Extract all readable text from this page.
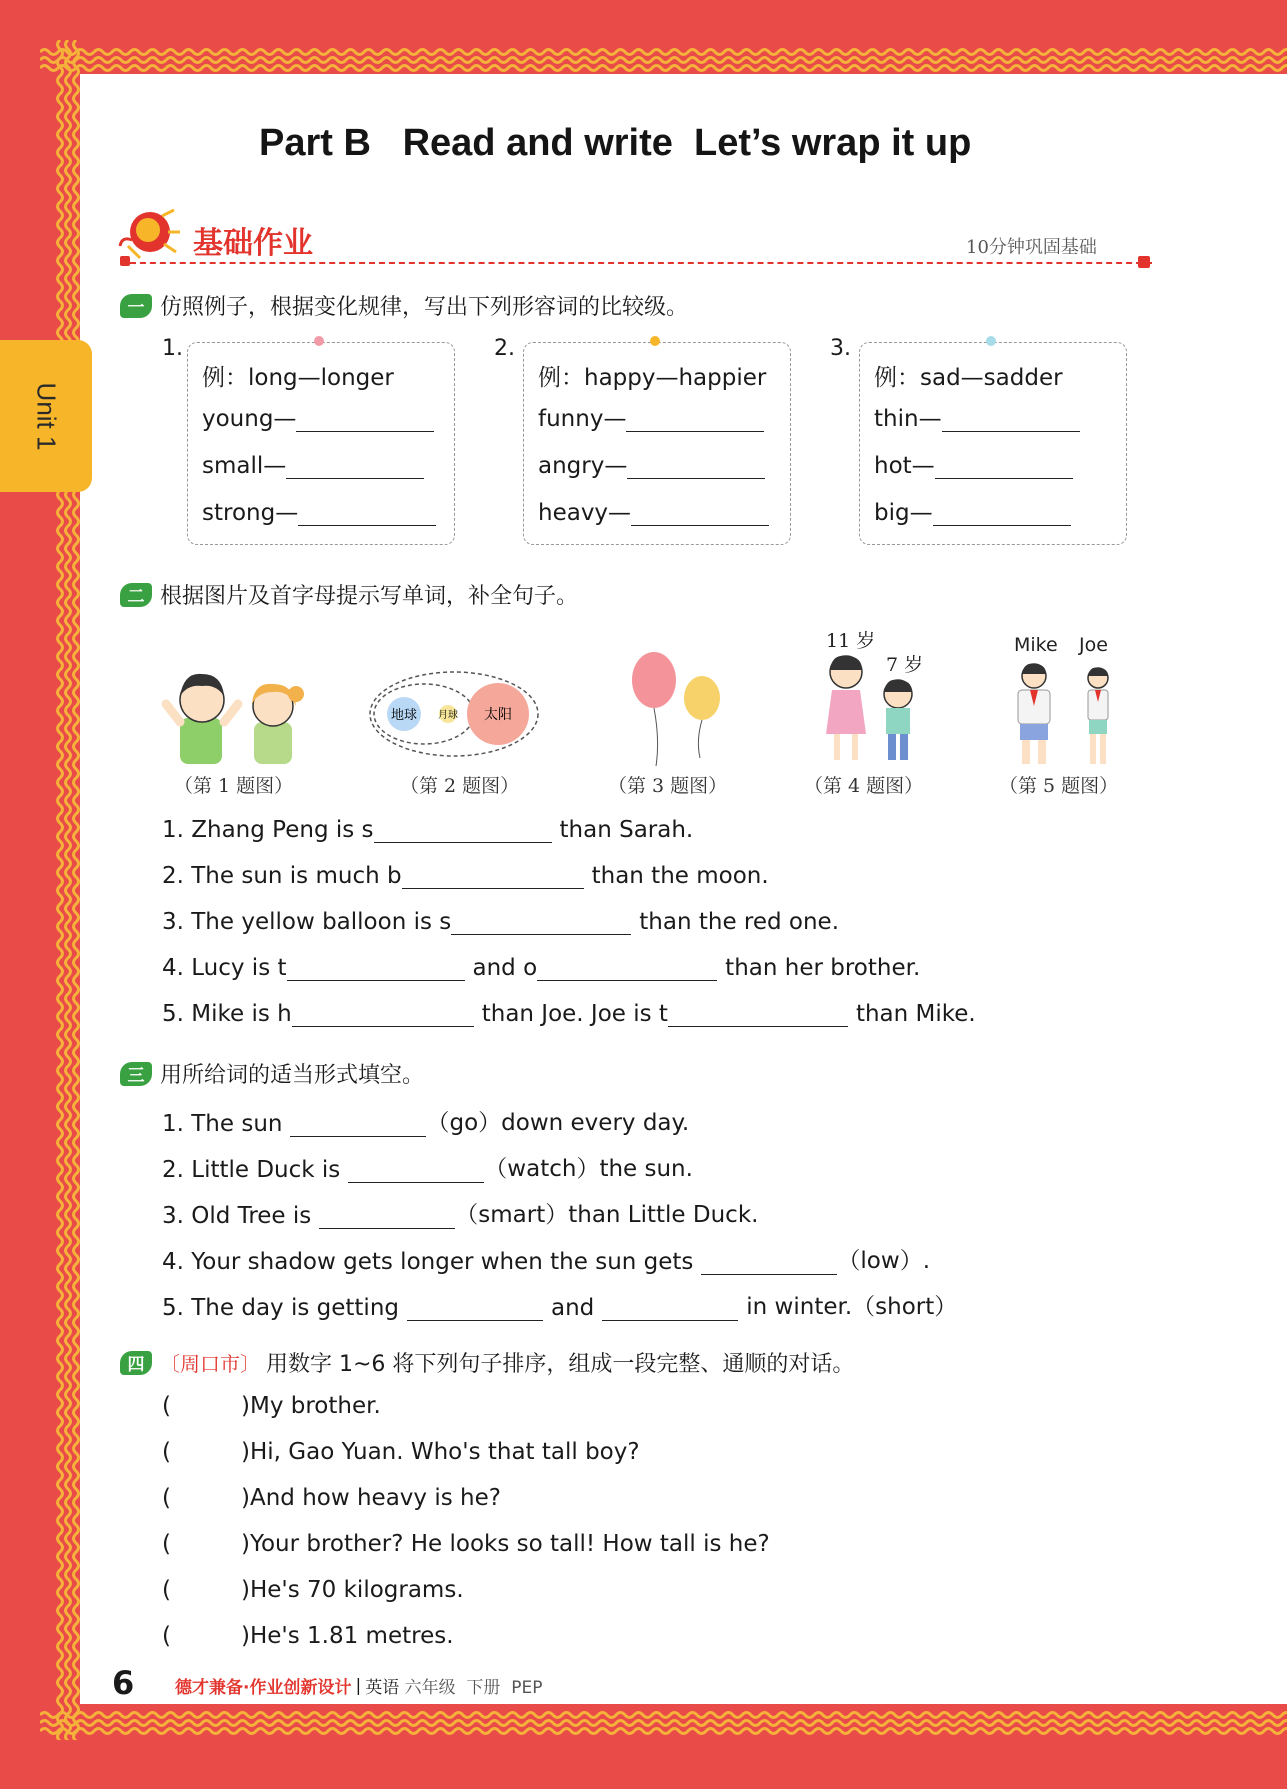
Unit 1
Part B   Read and write  Let’s wrap it up
基础作业	10分钟巩固基础
一 仿照例子，根据变化规律，写出下列形容词的比较级。
1.
例：long—longer
young—
small—
strong—
2.
例：happy—happier
funny—
angry—
heavy—
3.
例：sad—sadder
thin—
hot—
big—
二 根据图片及首字母提示写单词，补全句子。
地球 月球 太阳
11 岁
7 岁
Mike Joe
（第 1 题图）	（第 2 题图）	（第 3 题图）	（第 4 题图）	（第 5 题图）
1. Zhang Peng is s	than Sarah.
2. The sun is much b	than the moon.
3. The yellow balloon is s	than the red one.
4. Lucy is t	and o	than her brother.
5. Mike is h	than Joe. Joe is t	than Mike.
三 用所给词的适当形式填空。
1. The sun	（go）down every day.
2. Little Duck is	（watch）the sun.
3. Old Tree is	（smart）than Little Duck.
4. Your shadow gets longer when the sun gets	（low）.
5. The day is getting	and	in winter.（short）
四 〔周口市〕 用数字 1~6 将下列句子排序，组成一段完整、通顺的对话。
(	) My brother.
(	) Hi, Gao Yuan. Who's that tall boy?
(	) And how heavy is he?
(	) Your brother? He looks so tall! How tall is he?
(	) He's 70 kilograms.
(	) He's 1.81 metres.
6 德才兼备·作业创新设计 | 英语
六年级  下册  PEP
